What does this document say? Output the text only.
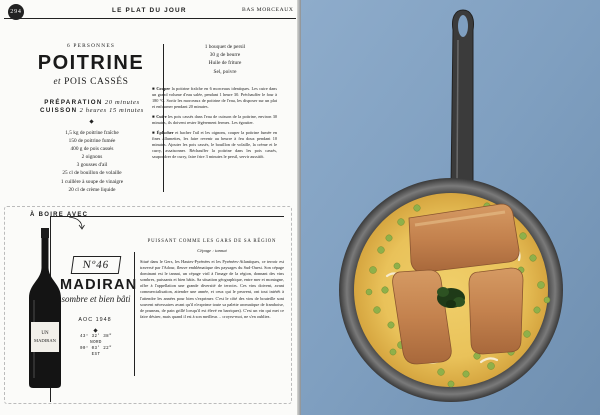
294	LE PLAT DU JOUR	BAS MORCEAUX
6 PERSONNES
POITRINE
et POIS CASSÉS
PRÉPARATION 20 minutes
CUISSON 2 heures 15 minutes
1,5 kg de poitrine fraîche
150 de poitrine fumée
400 g de pois cassés
2 oignons
3 gousses d'ail
25 cl de bouillon de volaille
1 cuillère à soupe de vinaigre
20 cl de crème liquide
1 bouquet de persil
30 g de beurre
Huile de friture
Sel, poivre

■ Couper la poitrine fraîche en 6 morceaux identiques. Les cuire dans un grand volume d'eau salée, pendant 1 heure 30. Préchauffer le four à 180 °C. Sortir les morceaux de poitrine de l'eau, les disposer sur un plat et enfourner pendant 20 minutes.

■ Cuire les pois cassés dans l'eau de cuisson de la poitrine, environ 30 minutes, ils doivent rester légèrement fermes. Les égoutter.

■ Éplucher et hacher l'ail et les oignons, couper la poitrine fumée en fines allumettes, les faire revenir au beurre à feu doux pendant 10 minutes. Ajouter les pois cassés, le bouillon de volaille, la crème et le curry, assaisonner. Réchauffer la poitrine dans les pois cassés, saupoudrer de curry, faire frire 3 minutes le persil, servir aussitôt.

À BOIRE AVEC
UN
MADIRAN
Nº46
MADIRAN
sombre et bien bâti
AOC 1948
43° 32' 38"
NORD
00° 03' 22"
EST
PUISSANT COMME LES GARS DE SA RÉGION
Cépage : tannat
Situé dans le Gers, les Hautes-Pyrénées et les Pyrénées-Atlantiques, ce terroir est traversé par l'Adour, fleuve emblématique des paysages du Sud-Ouest. Son cépage dominant est le tannat, un cépage viril à l'image de la région, donnant des vins sombres, puissants et bien bâtis. Sa situation géographique, entre mer et montagne, offre à l'appellation une grande diversité de terroirs. Ces vins doivent, avant commercialisation, attendre une année, et ceux qui le peuvent, ont tout intérêt à l'attendre les années pour bien s'exprimer. C'est le côté des vins de bouteille sont souvent nécessaires avant qu'il n'exprime toute sa palette aromatique de framboise, de pruneau, de pain grillé lorsqu'il est élevé en barriques). C'est un vin qui met ce faire désirer, mais quand il est à son meilleur… croyez-moi, ne s'en oubliez.
